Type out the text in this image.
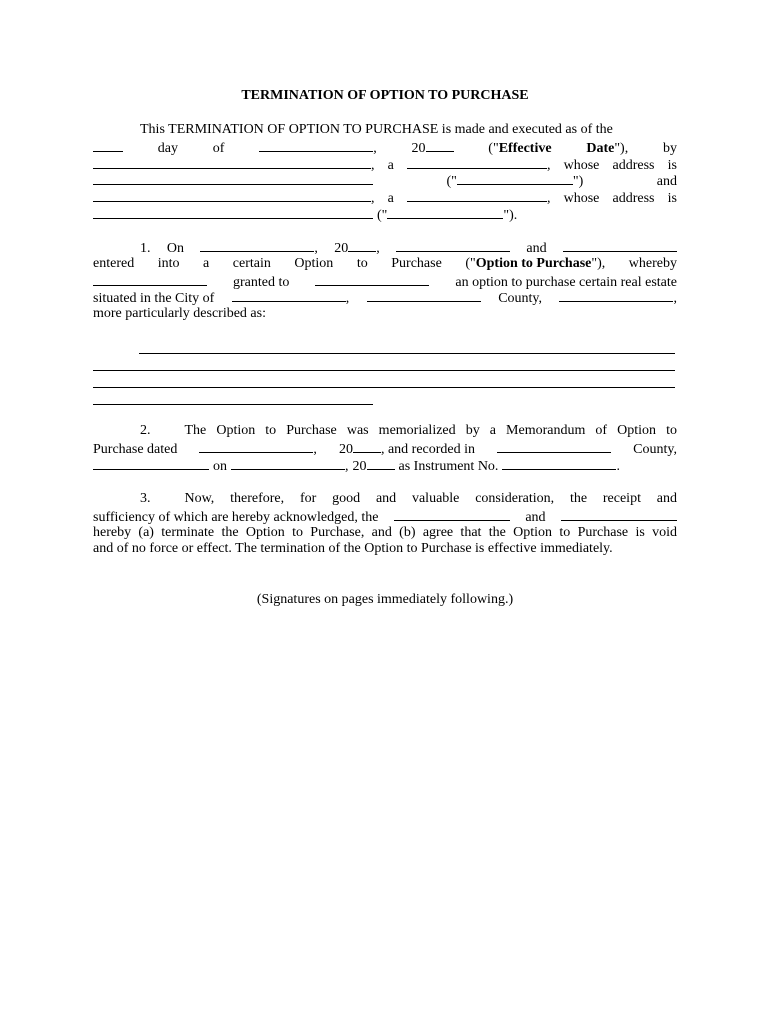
TERMINATION OF OPTION TO PURCHASE
This TERMINATION OF OPTION TO PURCHASE is made and executed as of the
day of	, 20	("Effective Date"), by
, a	, whose address is
("	")	and
, a	, whose address is
("	").
1. On	, 20 ,	and
entered into a certain Option to Purchase ("Option to Purchase"), whereby
granted to	an option to purchase certain real estate
situated in the City of	,	County,	,
more particularly described as:
2. The Option to Purchase was memorialized by a Memorandum of Option to
Purchase dated	, 20 , and recorded in	County,
on	, 20 as Instrument No.	.
3. Now, therefore, for good and valuable consideration, the receipt and
sufficiency of which are hereby acknowledged, the	and
hereby (a) terminate the Option to Purchase, and (b) agree that the Option to Purchase is void
and of no force or effect. The termination of the Option to Purchase is effective immediately.
(Signatures on pages immediately following.)
